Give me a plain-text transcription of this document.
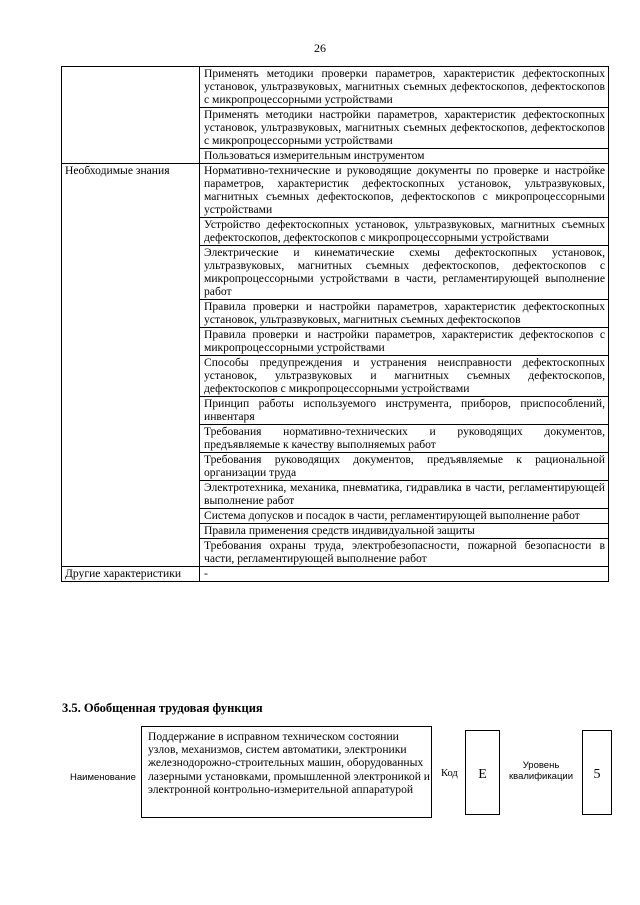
26
	Применять методики проверки параметров, характеристик дефектоскопных установок, ультразвуковых, магнитных съемных дефектоскопов, дефектоскопов с микропроцессорными устройствами
	Применять методики настройки параметров, характеристик дефектоскопных установок, ультразвуковых, магнитных съемных дефектоскопов, дефектоскопов с микропроцессорными устройствами
	Пользоваться измерительным инструментом
Необходимые знания	Нормативно-технические и руководящие документы по проверке и настройке параметров, характеристик дефектоскопных установок, ультразвуковых, магнитных съемных дефектоскопов, дефектоскопов с микропроцессорными устройствами
	Устройство дефектоскопных установок, ультразвуковых, магнитных съемных дефектоскопов, дефектоскопов с микропроцессорными устройствами
	Электрические и кинематические схемы дефектоскопных установок, ультразвуковых, магнитных съемных дефектоскопов, дефектоскопов с микропроцессорными устройствами в части, регламентирующей выполнение работ
	Правила проверки и настройки параметров, характеристик дефектоскопных установок, ультразвуковых, магнитных съемных дефектоскопов
	Правила проверки и настройки параметров, характеристик дефектоскопов с микропроцессорными устройствами
	Способы предупреждения и устранения неисправности дефектоскопных установок, ультразвуковых и магнитных съемных дефектоскопов, дефектоскопов с микропроцессорными устройствами
	Принцип работы используемого инструмента, приборов, приспособлений, инвентаря
	Требования нормативно-технических и руководящих документов, предъявляемые к качеству выполняемых работ
	Требования руководящих документов, предъявляемые к рациональной организации труда
	Электротехника, механика, пневматика, гидравлика в части, регламентирующей выполнение работ
	Система допусков и посадок в части, регламентирующей выполнение работ
	Правила применения средств индивидуальной защиты
	Требования охраны труда, электробезопасности, пожарной безопасности в части, регламентирующей выполнение работ
Другие характеристики	-
3.5. Обобщенная трудовая функция
Наименование
Поддержание в исправном техническом состоянии узлов, механизмов, систем автоматики, электроники железнодорожно-строительных машин, оборудованных лазерными установками, промышленной электроникой и электронной контрольно-измерительной аппаратурой
Код	E
Уровень квалификации	5
